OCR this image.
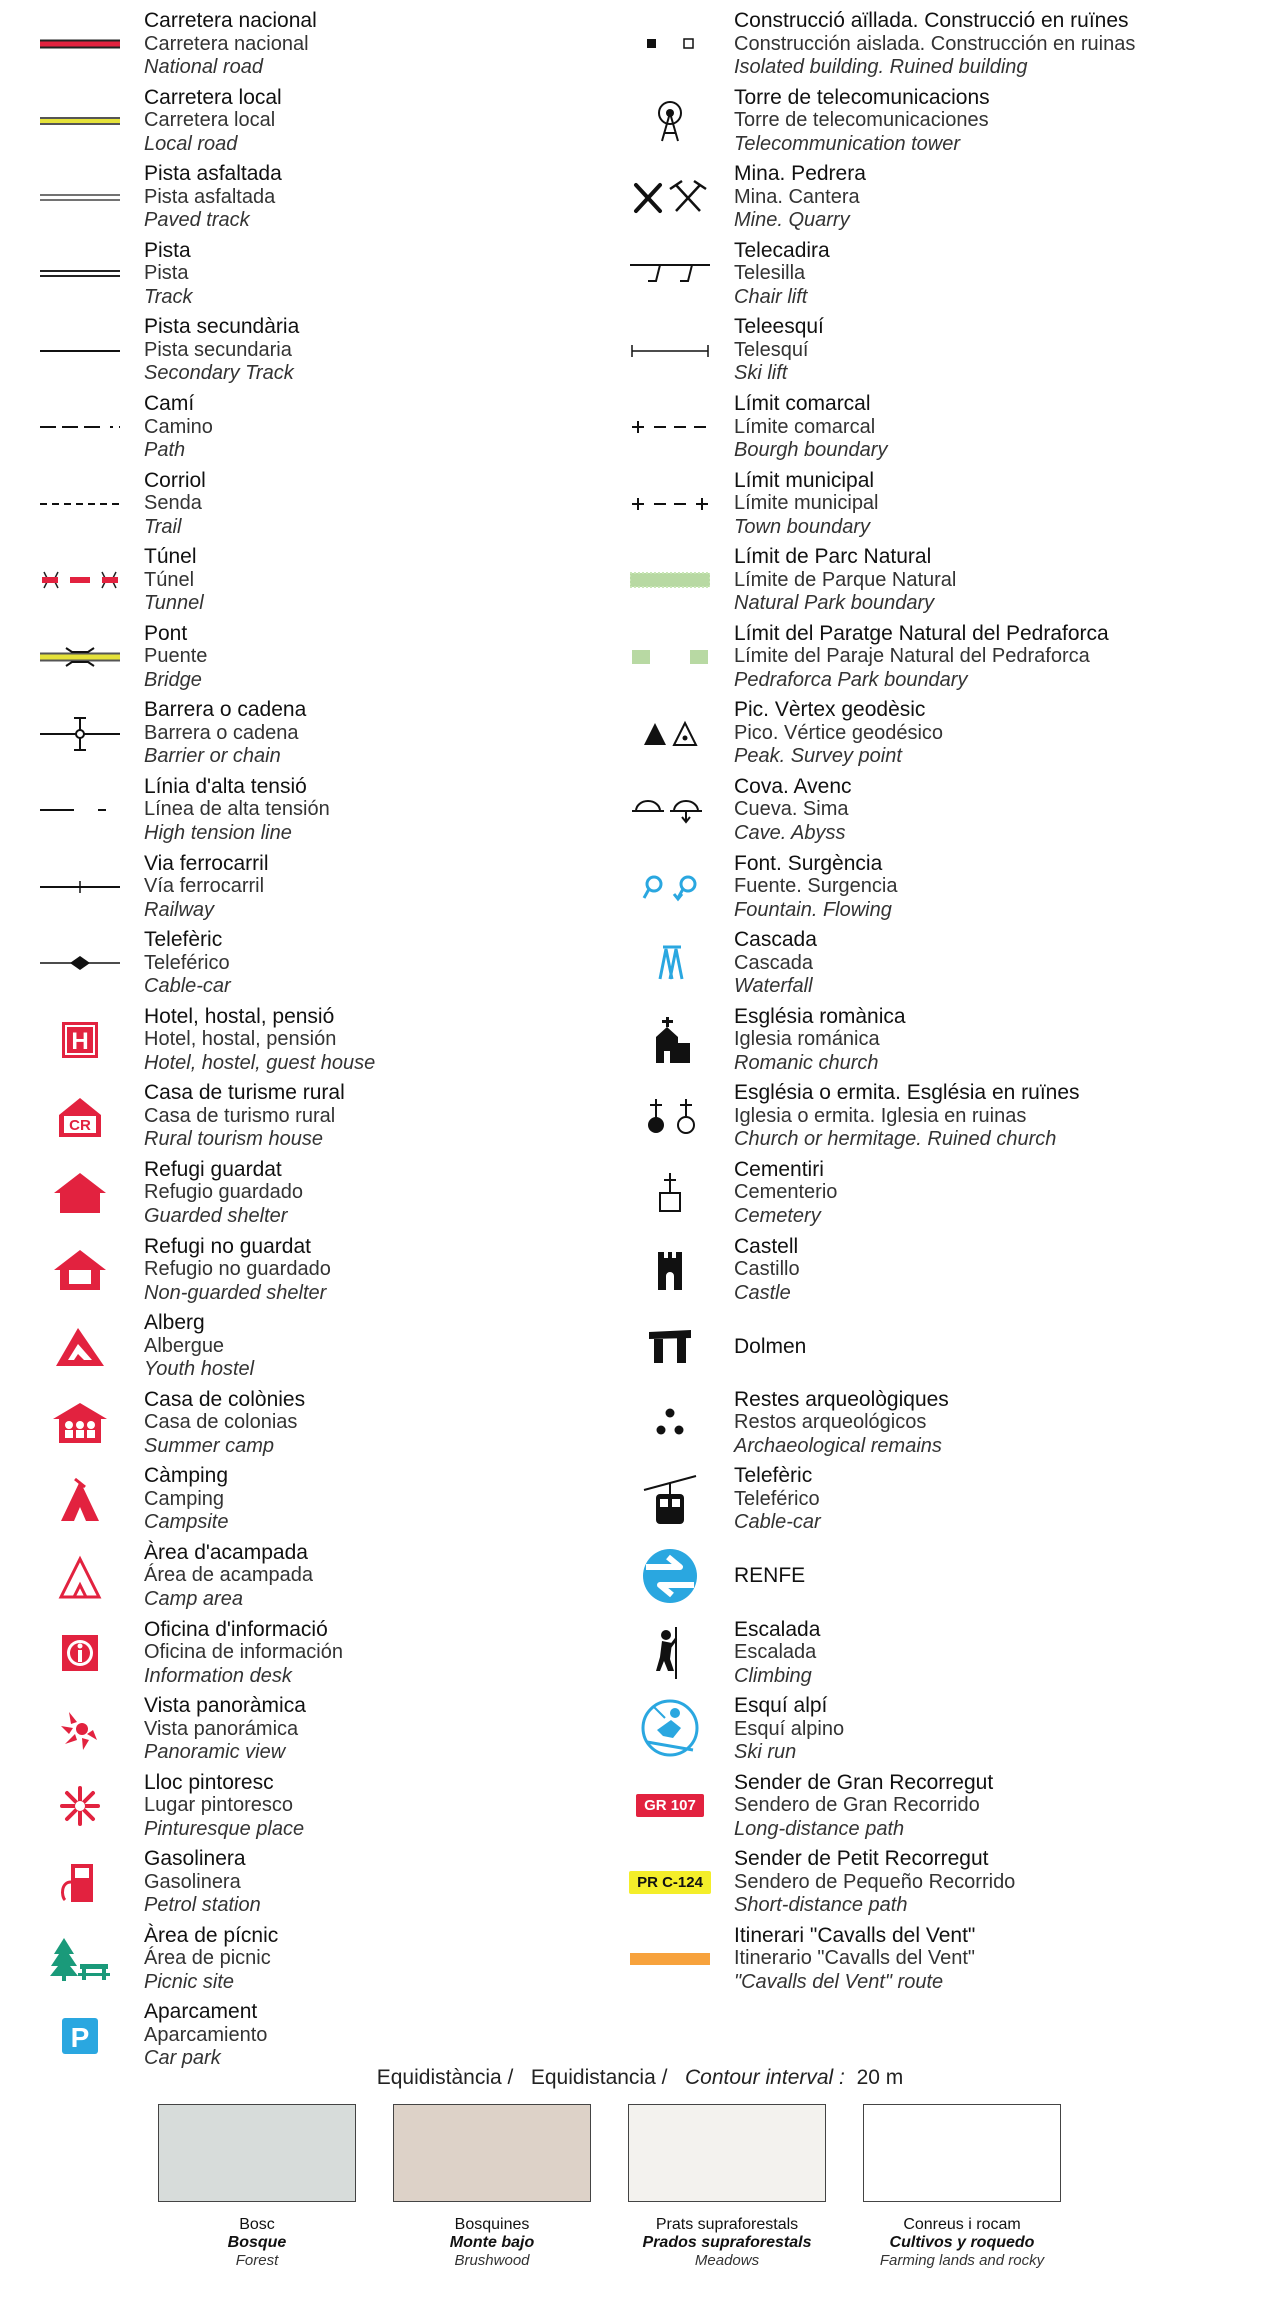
Carretera nacional
Carretera nacional
National road
Carretera local
Carretera local
Local road
Pista asfaltada
Pista asfaltada
Paved track
Pista
Pista
Track
Pista secundària
Pista secundaria
Secondary Track
Camí
Camino
Path
Corriol
Senda
Trail
Túnel
Túnel
Tunnel
Pont
Puente
Bridge
Barrera o cadena
Barrera o cadena
Barrier or chain
Línia d'alta tensió
Línea de alta tensión
High tension line
Via ferrocarril
Vía ferrocarril
Railway
Telefèric
Teleférico
Cable-car
H
Hotel, hostal, pensió
Hotel, hostal, pensión
Hotel, hostel, guest house
CR
Casa de turisme rural
Casa de turismo rural
Rural tourism house
Refugi guardat
Refugio guardado
Guarded shelter
Refugi no guardat
Refugio no guardado
Non-guarded shelter
Alberg
Albergue
Youth hostel
Casa de colònies
Casa de colonias
Summer camp
Càmping
Camping
Campsite
Àrea d'acampada
Área de acampada
Camp area
Oficina d'informació
Oficina de información
Information desk
Vista panoràmica
Vista panorámica
Panoramic view
Lloc pintoresc
Lugar pintoresco
Pinturesque place
Gasolinera
Gasolinera
Petrol station
Àrea de pícnic
Área de picnic
Picnic site
P
Aparcament
Aparcamiento
Car park
Construcció aïllada. Construcció en ruïnes
Construcción aislada. Construcción en ruinas
Isolated building. Ruined building
Torre de telecomunicacions
Torre de telecomunicaciones
Telecommunication tower
Mina. Pedrera
Mina. Cantera
Mine. Quarry
Telecadira
Telesilla
Chair lift
Teleesquí
Telesquí
Ski lift
Límit comarcal
Límite comarcal
Bourgh boundary
Límit municipal
Límite municipal
Town boundary
Límit de Parc Natural
Límite de Parque Natural
Natural Park boundary
Límit del Paratge Natural del Pedraforca
Límite del Paraje Natural del Pedraforca
Pedraforca Park boundary
Pic. Vèrtex geodèsic
Pico. Vértice geodésico
Peak. Survey point
Cova. Avenc
Cueva. Sima
Cave. Abyss
Font. Surgència
Fuente. Surgencia
Fountain. Flowing
Cascada
Cascada
Waterfall
Església romànica
Iglesia románica
Romanic church
Església o ermita. Església en ruïnes
Iglesia o ermita. Iglesia en ruinas
Church or hermitage. Ruined church
Cementiri
Cementerio
Cemetery
Castell
Castillo
Castle
Dolmen
Restes arqueològiques
Restos arqueológicos
Archaeological remains
Telefèric
Teleférico
Cable-car
RENFE
Escalada
Escalada
Climbing
Esquí alpí
Esquí alpino
Ski run
GR 107
Sender de Gran Recorregut
Sendero de Gran Recorrido
Long-distance path
PR C-124
Sender de Petit Recorregut
Sendero de Pequeño Recorrido
Short-distance path
Itinerari "Cavalls del Vent"
Itinerario "Cavalls del Vent"
"Cavalls del Vent" route
Equidistància / Equidistancia / Contour interval : 20 m
Bosc
Bosque
Forest
Bosquines
Monte bajo
Brushwood
Prats supraforestals
Prados supraforestals
Meadows
Conreus i rocam
Cultivos y roquedo
Farming lands and rocky
